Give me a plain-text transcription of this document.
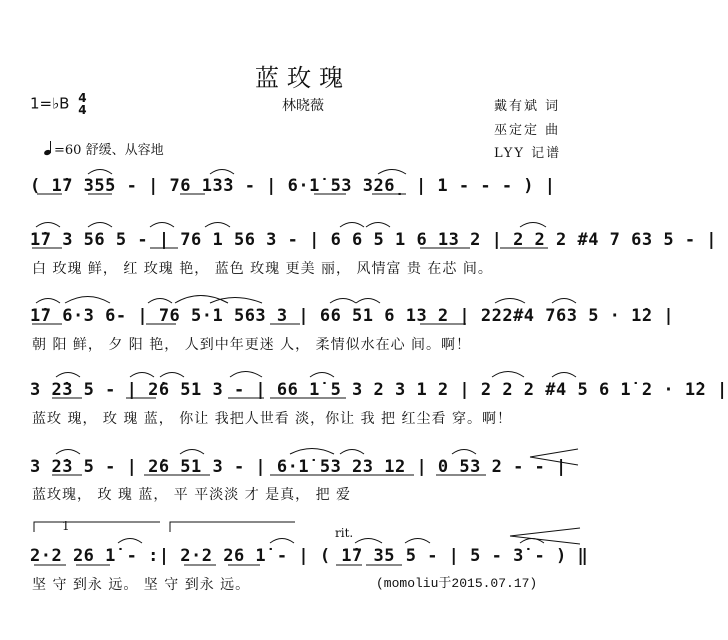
蓝玫瑰
林晓薇
1=♭B 4
4	戴有斌 词
巫定定 曲
LYY 记谱
=60 舒缓、从容地
( 1̇7 35̇5 - | 76 13̇3 - | 6·1̇ 53 326̣ | 1 - - - ) |
1̇7 3 56 5 - | 76 1 56 3 - | 6 6 5 1 6 13 2 | 2 2 2 #4 7 63 5 - |
白 玫瑰 鲜， 红 玫瑰 艳， 蓝色 玫瑰 更美 丽， 风情富 贵 在芯 间。
1̇7 6·3 6- | 76 5·1 563 3 | 66 51 6 13 2 | 222#4 763 5 · 1̇2 |
朝 阳 鲜， 夕 阳 艳， 人到中年更迷 人， 柔情似水在心 间。啊！
3 2̇3 5 - | 2̇6 51 3 - | 66 1̇ 5 3 2 3 1 2 | 2 2 2 #4 5 6 1̇ 2 · 1̇2 |
蓝玫 瑰， 玫 瑰 蓝， 你让 我把人世看 淡，你让 我 把 红尘看 穿。啊！
3 2̇3 5 - | 2̇6 51 3 - | 6·1̇ 53 23 12 | 0 53 2 - - |
蓝玫瑰， 玫 瑰 蓝， 平 平淡淡 才 是真， 把 爱
1	rit.
2·2 26 1̇ - :| 2·2 26 1̇ - | ( 1̇7 35 5 - | 5 - 3̇ - ) ‖
坚 守 到永 远。 坚 守 到永 远。	(momoliu于2015.07.17)
